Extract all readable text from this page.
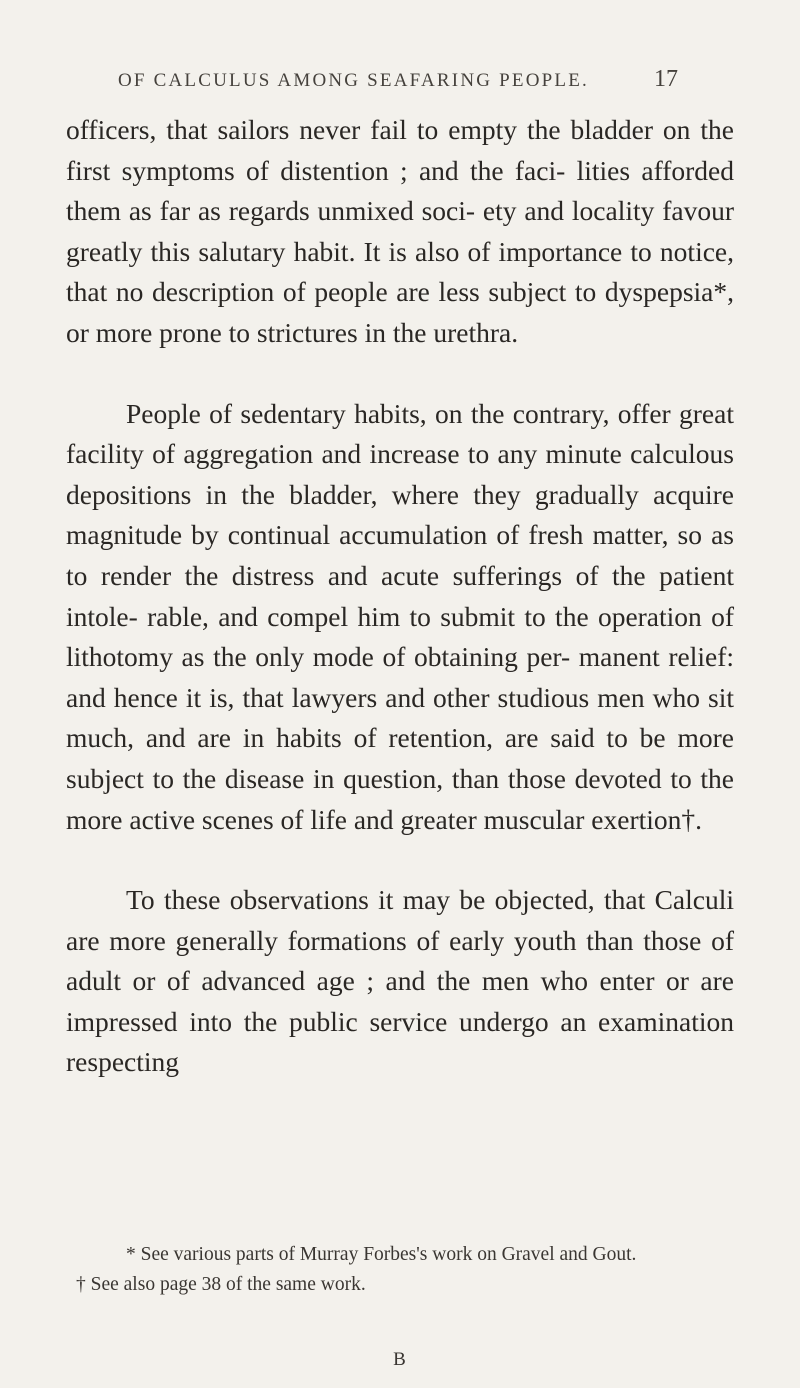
OF CALCULUS AMONG SEAFARING PEOPLE.	17

officers, that sailors never fail to empty the bladder on the first symptoms of distention ; and the faci- lities afforded them as far as regards unmixed soci- ety and locality favour greatly this salutary habit. It is also of importance to notice, that no description of people are less subject to dyspepsia*, or more prone to strictures in the urethra.

People of sedentary habits, on the contrary, offer great facility of aggregation and increase to any minute calculous depositions in the bladder, where they gradually acquire magnitude by continual accumulation of fresh matter, so as to render the distress and acute sufferings of the patient intole- rable, and compel him to submit to the operation of lithotomy as the only mode of obtaining per- manent relief: and hence it is, that lawyers and other studious men who sit much, and are in habits of retention, are said to be more subject to the disease in question, than those devoted to the more active scenes of life and greater muscular exertion†.

To these observations it may be objected, that Calculi are more generally formations of early youth than those of adult or of advanced age ; and the men who enter or are impressed into the public service undergo an examination respecting

* See various parts of Murray Forbes's work on Gravel and Gout.

† See also page 38 of the same work.

B
